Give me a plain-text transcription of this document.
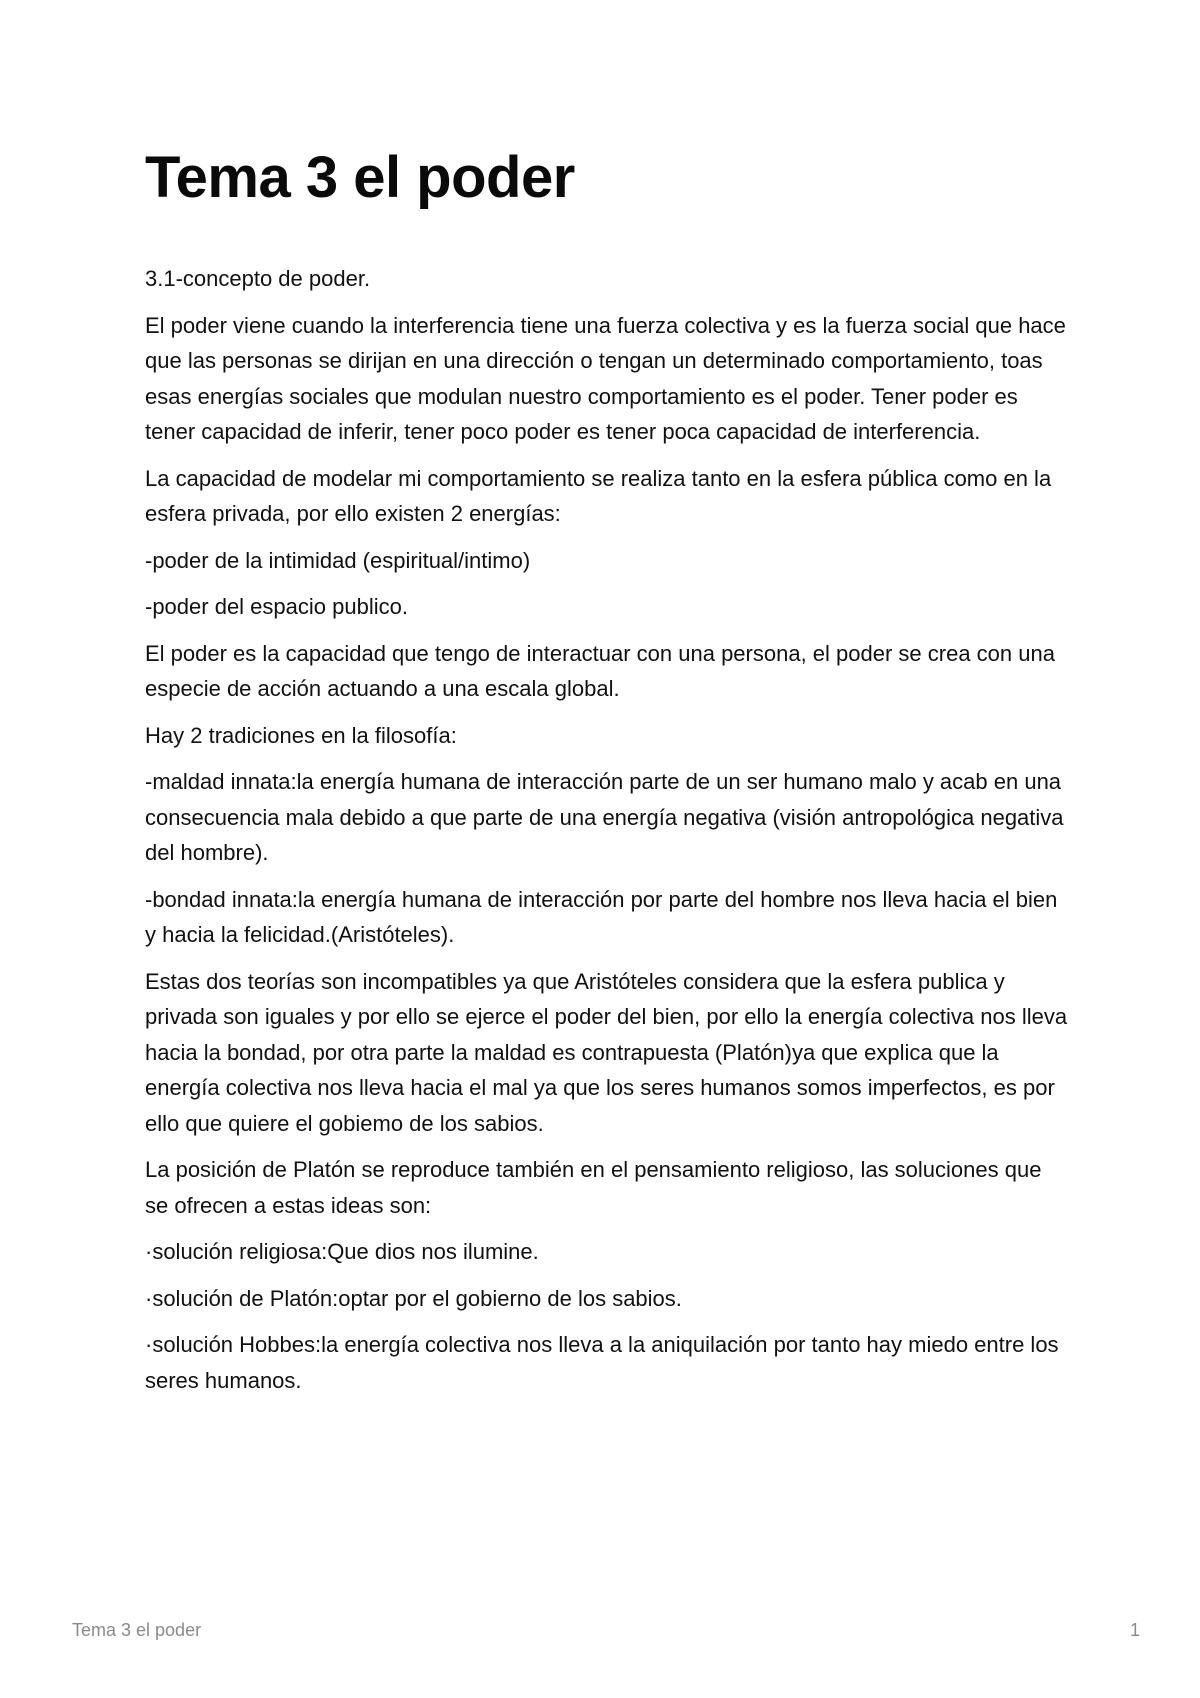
Tema 3 el poder

3.1-concepto de poder.

El poder viene cuando la interferencia tiene una fuerza colectiva y es la fuerza social que hace que las personas se dirijan en una dirección o tengan un determinado comportamiento, toas esas energías sociales que modulan nuestro comportamiento es el poder. Tener poder es tener capacidad de inferir, tener poco poder es tener poca capacidad de interferencia.

La capacidad de modelar mi comportamiento se realiza tanto en la esfera pública como en la esfera privada, por ello existen 2 energías:

-poder de la intimidad (espiritual/intimo)

-poder del espacio publico.

El poder es la capacidad que tengo de interactuar con una persona, el poder se crea con una especie de acción actuando a una escala global.

Hay 2 tradiciones en la filosofía:

-maldad innata:la energía humana de interacción parte de un ser humano malo y acab en una consecuencia mala debido a que parte de una energía negativa (visión antropológica negativa del hombre).

-bondad innata:la energía humana de interacción por parte del hombre nos lleva hacia el bien y hacia la felicidad.(Aristóteles).

Estas dos teorías son incompatibles ya que Aristóteles considera que la esfera publica y privada son iguales y por ello se ejerce el poder del bien, por ello la energía colectiva nos lleva hacia la bondad, por otra parte la maldad es contrapuesta (Platón)ya que explica que la energía colectiva nos lleva hacia el mal ya que los seres humanos somos imperfectos, es por ello que quiere el gobiemo de los sabios.

La posición de Platón se reproduce también en el pensamiento religioso, las soluciones que se ofrecen a estas ideas son:

·solución religiosa:Que dios nos ilumine.

·solución de Platón:optar por el gobierno de los sabios.

·solución Hobbes:la energía colectiva nos lleva a la aniquilación por tanto hay miedo entre los seres humanos.

Tema 3 el poder	1
